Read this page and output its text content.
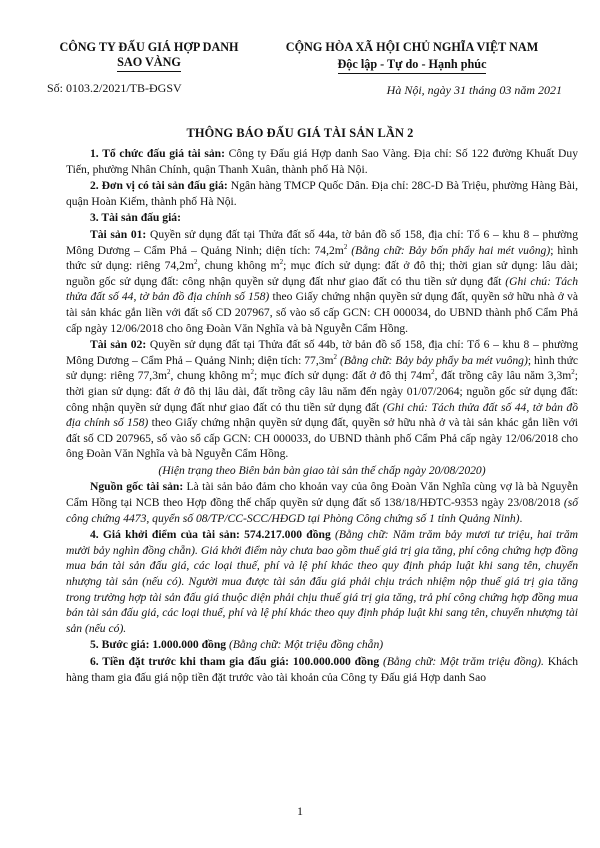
CÔNG TY ĐẤU GIÁ HỢP DANH
SAO VÀNG
Số: 0103.2/2021/TB-ĐGSV
CỘNG HÒA XÃ HỘI CHỦ NGHĨA VIỆT NAM
Độc lập - Tự do - Hạnh phúc
Hà Nội, ngày 31 tháng 03 năm 2021
THÔNG BÁO ĐẤU GIÁ TÀI SẢN LẦN 2

1. Tổ chức đấu giá tài sản: Công ty Đấu giá Hợp danh Sao Vàng. Địa chỉ: Số 122 đường Khuất Duy Tiến, phường Nhân Chính, quận Thanh Xuân, thành phố Hà Nội.

2. Đơn vị có tài sản đấu giá: Ngân hàng TMCP Quốc Dân. Địa chỉ: 28C-D Bà Triệu, phường Hàng Bài, quận Hoàn Kiếm, thành phố Hà Nội.

3. Tài sản đấu giá:

Tài sản 01: Quyền sử dụng đất tại Thửa đất số 44a, tờ bản đồ số 158, địa chỉ: Tổ 6 – khu 8 – phường Mông Dương – Cẩm Phả – Quảng Ninh; diện tích: $74,2m^2$ (Bằng chữ: Bảy bốn phẩy hai mét vuông); hình thức sử dụng: riêng $74,2m^2$, chung không $m^2$; mục đích sử dụng: đất ở đô thị; thời gian sử dụng: lâu dài; nguồn gốc sử dụng đất: công nhận quyền sử dụng đất như giao đất có thu tiền sử dụng đất (Ghi chú: Tách thửa đất số 44, tờ bản đồ địa chính số 158) theo Giấy chứng nhận quyền sử dụng đất, quyền sở hữu nhà ở và tài sản khác gắn liền với đất số CD 207967, số vào sổ cấp GCN: CH 000034, do UBND thành phố Cẩm Phả cấp ngày 12/06/2018 cho ông Đoàn Văn Nghĩa và bà Nguyễn Cẩm Hồng.

Tài sản 02: Quyền sử dụng đất tại Thửa đất số 44b, tờ bản đồ số 158, địa chỉ: Tổ 6 – khu 8 – phường Mông Dương – Cẩm Phả – Quảng Ninh; diện tích: $77,3m^2$ (Bằng chữ: Bảy bảy phẩy ba mét vuông); hình thức sử dụng: riêng $77,3m^2$, chung không $m^2$; mục đích sử dụng: đất ở đô thị $74m^2$, đất trồng cây lâu năm $3,3m^2$; thời gian sử dụng: đất ở đô thị lâu dài, đất trồng cây lâu năm đến ngày 01/07/2064; nguồn gốc sử dụng đất: công nhận quyền sử dụng đất như giao đất có thu tiền sử dụng đất (Ghi chú: Tách thửa đất số 44, tờ bản đồ địa chính số 158) theo Giấy chứng nhận quyền sử dụng đất, quyền sở hữu nhà ở và tài sản khác gắn liền với đất số CD 207965, số vào sổ cấp GCN: CH 000033, do UBND thành phố Cẩm Phả cấp ngày 12/06/2018 cho ông Đoàn Văn Nghĩa và bà Nguyễn Cẩm Hồng.

(Hiện trạng theo Biên bản bàn giao tài sản thế chấp ngày 20/08/2020)

Nguồn gốc tài sản: Là tài sản bảo đảm cho khoản vay của ông Đoàn Văn Nghĩa cùng vợ là bà Nguyễn Cẩm Hồng tại NCB theo Hợp đồng thế chấp quyền sử dụng đất số 138/18/HĐTC-9353 ngày 23/08/2018 (số công chứng 4473, quyển số 08/TP/CC-SCC/HĐGD tại Phòng Công chứng số 1 tỉnh Quảng Ninh).

4. Giá khởi điểm của tài sản: 574.217.000 đồng (Bằng chữ: Năm trăm bảy mươi tư triệu, hai trăm mười bảy nghìn đồng chẵn). Giá khởi điểm này chưa bao gồm thuế giá trị gia tăng, phí công chứng hợp đồng mua bán tài sản đấu giá, các loại thuế, phí và lệ phí khác theo quy định pháp luật khi sang tên, chuyển nhượng tài sản (nếu có). Người mua được tài sản đấu giá phải chịu trách nhiệm nộp thuế giá trị gia tăng trong trường hợp tài sản đấu giá thuộc diện phải chịu thuế giá trị gia tăng, trả phí công chứng hợp đồng mua bán tài sản đấu giá, các loại thuế, phí và lệ phí khác theo quy định pháp luật khi sang tên, chuyển nhượng tài sản (nếu có).

5. Bước giá: 1.000.000 đồng (Bằng chữ: Một triệu đồng chẵn)

6. Tiền đặt trước khi tham gia đấu giá: 100.000.000 đồng (Bằng chữ: Một trăm triệu đồng). Khách hàng tham gia đấu giá nộp tiền đặt trước vào tài khoản của Công ty Đấu giá Hợp danh Sao

1
